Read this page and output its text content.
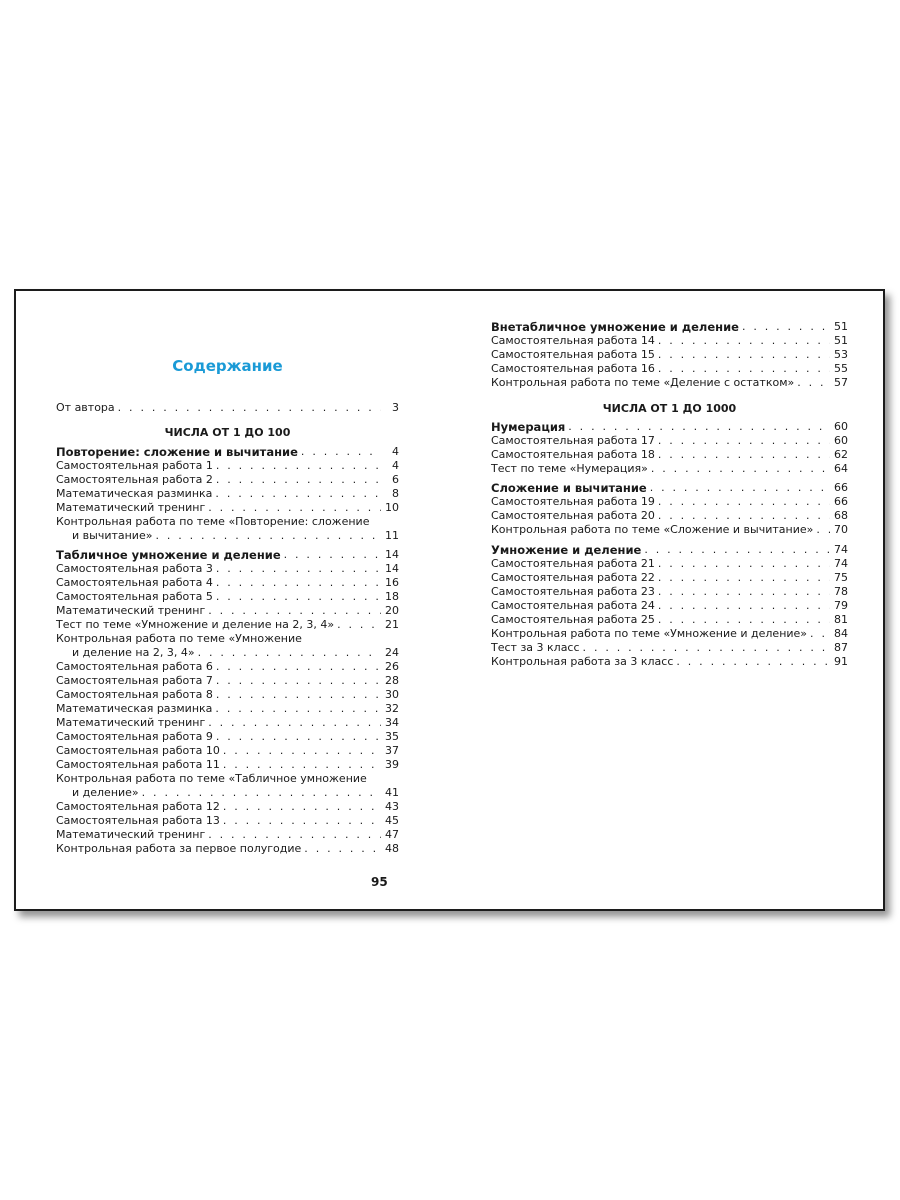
Содержание
От автора . . .	3
ЧИСЛА ОТ 1 ДО 100
Повторение: сложение и вычитание . . .	4
Самостоятельная работа 1 . . .	4
Самостоятельная работа 2 . . .	6
Математическая разминка . . .	8
Математический тренинг . . .	10
Контрольная работа по теме «Повторение: сложение
и вычитание» . . .	11
Табличное умножение и деление . . .	14
Самостоятельная работа 3 . . .	14
Самостоятельная работа 4 . . .	16
Самостоятельная работа 5 . . .	18
Математический тренинг . . .	20
Тест по теме «Умножение и деление на 2, 3, 4» . . .	21
Контрольная работа по теме «Умножение
и деление на 2, 3, 4» . . .	24
Самостоятельная работа 6 . . .	26
Самостоятельная работа 7 . . .	28
Самостоятельная работа 8 . . .	30
Математическая разминка . . .	32
Математический тренинг . . .	34
Самостоятельная работа 9 . . .	35
Самостоятельная работа 10 . . .	37
Самостоятельная работа 11 . . .	39
Контрольная работа по теме «Табличное умножение
и деление» . . .	41
Самостоятельная работа 12 . . .	43
Самостоятельная работа 13 . . .	45
Математический тренинг . . .	47
Контрольная работа за первое полугодие . . .	48
95
Внетабличное умножение и деление . . .	51
Самостоятельная работа 14 . . .	51
Самостоятельная работа 15 . . .	53
Самостоятельная работа 16 . . .	55
Контрольная работа по теме «Деление с остатком» . . .	57
ЧИСЛА ОТ 1 ДО 1000
Нумерация . . .	60
Самостоятельная работа 17 . . .	60
Самостоятельная работа 18 . . .	62
Тест по теме «Нумерация» . . .	64
Сложение и вычитание . . .	66
Самостоятельная работа 19 . . .	66
Самостоятельная работа 20 . . .	68
Контрольная работа по теме «Сложение и вычитание» . . .	70
Умножение и деление . . .	74
Самостоятельная работа 21 . . .	74
Самостоятельная работа 22 . . .	75
Самостоятельная работа 23 . . .	78
Самостоятельная работа 24 . . .	79
Самостоятельная работа 25 . . .	81
Контрольная работа по теме «Умножение и деление» . . .	84
Тест за 3 класс . . .	87
Контрольная работа за 3 класс . . .	91
